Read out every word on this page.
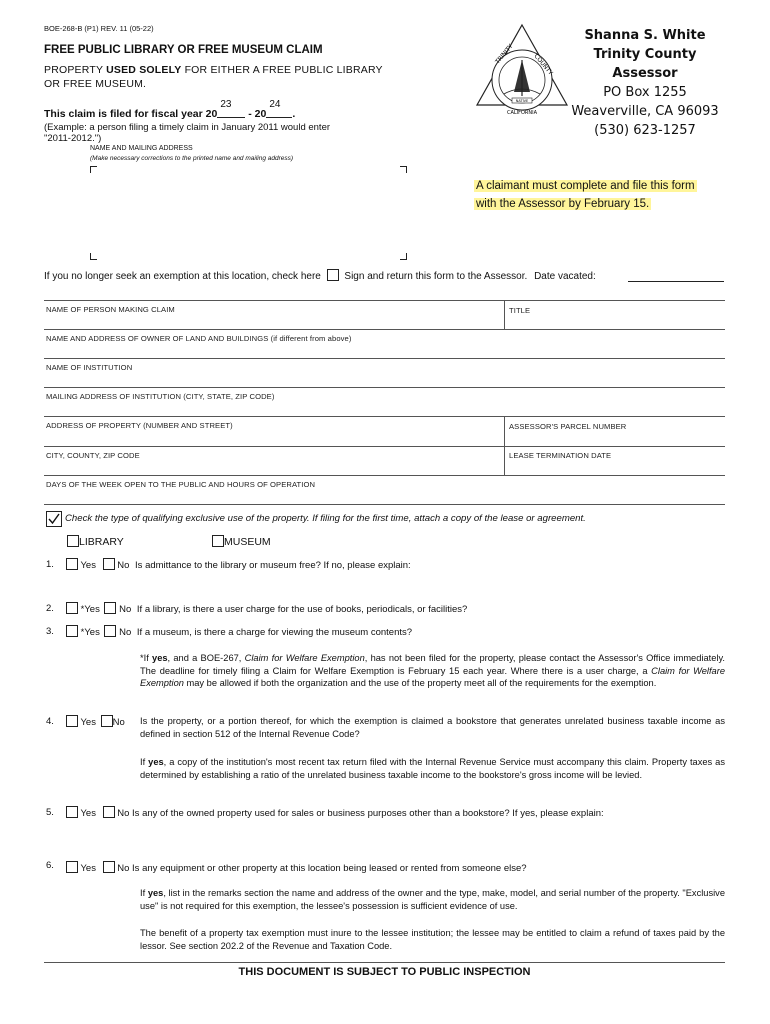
BOE-268-B (P1) REV. 11 (05-22)
FREE PUBLIC LIBRARY OR FREE MUSEUM CLAIM
PROPERTY USED SOLELY FOR EITHER A FREE PUBLIC LIBRARY
OR FREE MUSEUM.
This claim is filed for fiscal year 20
23
- 20
24
.
(Example: a person filing a timely claim in January 2011 would enter
"2011-2012.")
NAME AND MAILING ADDRESS
(Make necessary corrections to the printed name and mailing address)
NATIVE
TRINITY	COUNTY
CALIFORNIA
Shanna S. White
Trinity County Assessor
PO Box 1255
Weaverville, CA 96093
(530) 623-1257
A claimant must complete and file this form
with the Assessor by February 15.
If you no longer seek an exemption at this location, check here Sign and return this form to the Assessor. Date vacated:
NAME OF PERSON MAKING CLAIM	TITLE
NAME AND ADDRESS OF OWNER OF LAND AND BUILDINGS (if different from above)
NAME OF INSTITUTION
MAILING ADDRESS OF INSTITUTION (CITY, STATE, ZIP CODE)
ADDRESS OF PROPERTY (NUMBER AND STREET)	ASSESSOR'S PARCEL NUMBER
CITY, COUNTY, ZIP CODE	LEASE TERMINATION DATE
DAYS OF THE WEEK OPEN TO THE PUBLIC AND HOURS OF OPERATION
Check the type of qualifying exclusive use of the property. If filing for the first time, attach a copy of the lease or agreement.
LIBRARY	MUSEUM
1.	Yes No Is admittance to the library or museum free? If no, please explain:
2.	*Yes No If a library, is there a user charge for the use of books, periodicals, or facilities?
3.	*Yes No If a museum, is there a charge for viewing the museum contents?
*If yes, and a BOE-267, Claim for Welfare Exemption, has not been filed for the property, please contact the Assessor's Office immediately. The deadline for timely filing a Claim for Welfare Exemption is February 15 each year. Where there is a user charge, a Claim for Welfare Exemption may be allowed if both the organization and the use of the property meet all of the requirements for the exemption.
4.	Yes No Is the property, or a portion thereof, for which the exemption is claimed a bookstore that generates unrelated business taxable income as defined in section 512 of the Internal Revenue Code?
If yes, a copy of the institution's most recent tax return filed with the Internal Revenue Service must accompany this claim. Property taxes as determined by establishing a ratio of the unrelated business taxable income to the bookstore's gross income will be levied.
5.	Yes No Is any of the owned property used for sales or business purposes other than a bookstore? If yes, please explain:
6.	Yes No Is any equipment or other property at this location being leased or rented from someone else?
If yes, list in the remarks section the name and address of the owner and the type, make, model, and serial number of the property. "Exclusive use" is not required for this exemption, the lessee's possession is sufficient evidence of use.
The benefit of a property tax exemption must inure to the lessee institution; the lessee may be entitled to claim a refund of taxes paid by the lessor. See section 202.2 of the Revenue and Taxation Code.
THIS DOCUMENT IS SUBJECT TO PUBLIC INSPECTION
